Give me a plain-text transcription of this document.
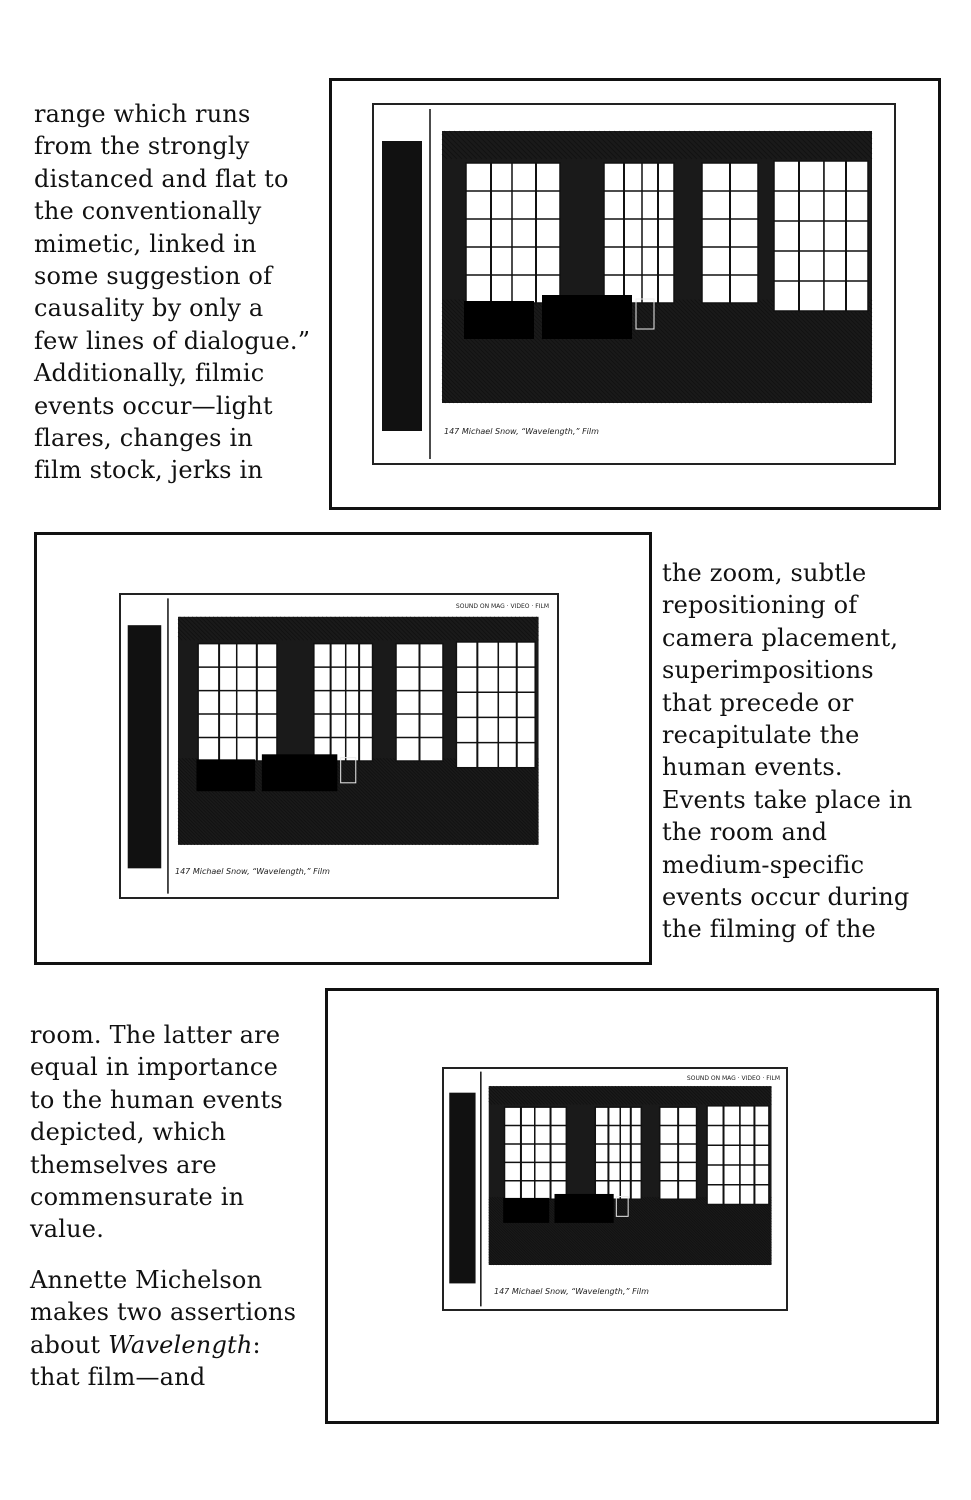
range which runs
from the strongly
distanced and flat to
the conventionally
mimetic, linked in
some suggestion of
causality by only a
few lines of dialogue.”
Additionally, filmic
events occur—light
flares, changes in
film stock, jerks in
147 Michael Snow, “Wavelength,” Film
SOUND ON MAG · VIDEO · FILM
147 Michael Snow, “Wavelength,” Film
the zoom, subtle
repositioning of
camera placement,
superimpositions
that precede or
recapitulate the
human events.
Events take place in
the room and
medium-specific
events occur during
the filming of the
SOUND ON MAG · VIDEO · FILM
147 Michael Snow, “Wavelength,” Film
room. The latter are
equal in importance
to the human events
depicted, which
themselves are
commensurate in
value.
Annette Michelson
makes two assertions
about Wavelength:
that film—and
